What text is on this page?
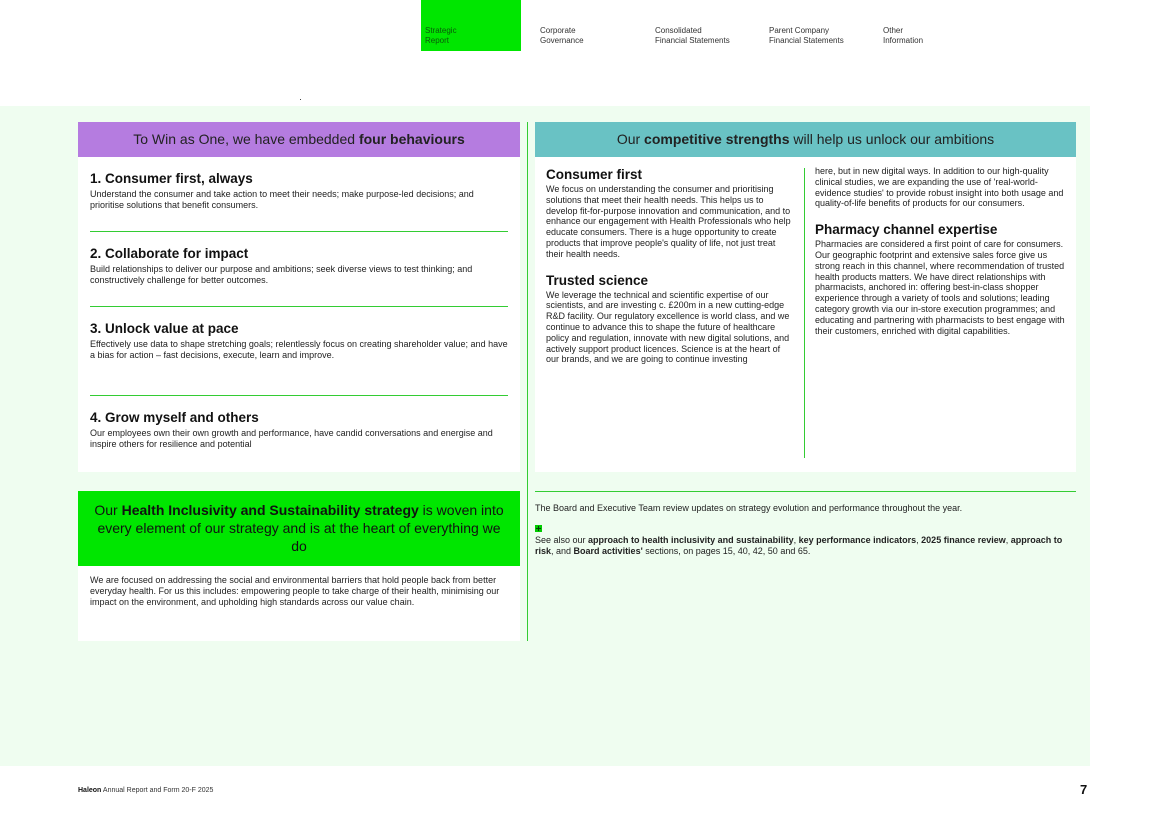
Strategic
Report
Corporate
Governance
Consolidated
Financial Statements
Parent Company
Financial Statements
Other
Information
To Win as One, we have embedded four behaviours
1. Consumer first, always

Understand the consumer and take action to meet their needs; make purpose-led decisions; and prioritise solutions that benefit consumers.

2. Collaborate for impact

Build relationships to deliver our purpose and ambitions; seek diverse views to test thinking; and constructively challenge for better outcomes.

3. Unlock value at pace

Effectively use data to shape stretching goals; relentlessly focus on creating shareholder value; and have a bias for action – fast decisions, execute, learn and improve.

4. Grow myself and others

Our employees own their own growth and performance, have candid conversations and energise and inspire others for resilience and potential

Our competitive strengths will help us unlock our ambitions
Consumer first

We focus on understanding the consumer and prioritising solutions that meet their health needs. This helps us to develop fit-for-purpose innovation and communication, and to enhance our engagement with Health Professionals who help educate consumers. There is a huge opportunity to create products that improve people's quality of life, not just treat their health needs.

Trusted science

We leverage the technical and scientific expertise of our scientists, and are investing c. £200m in a new cutting-edge R&D facility. Our regulatory excellence is world class, and we continue to advance this to shape the future of healthcare policy and regulation, innovate with new digital solutions, and actively support product licences. Science is at the heart of our brands, and we are going to continue investing

here, but in new digital ways. In addition to our high-quality clinical studies, we are expanding the use of 'real-world-evidence studies' to provide robust insight into both usage and quality-of-life benefits of products for our consumers.

Pharmacy channel expertise

Pharmacies are considered a first point of care for consumers. Our geographic footprint and extensive sales force give us strong reach in this channel, where recommendation of trusted health products matters. We have direct relationships with pharmacists, anchored in: offering best-in-class shopper experience through a variety of tools and solutions; leading category growth via our in-store execution programmes; and educating and partnering with pharmacists to best engage with their customers, enriched with digital capabilities.

Our Health Inclusivity and Sustainability strategy is woven into every element of our strategy and is at the heart of everything we do
We are focused on addressing the social and environmental barriers that hold people back from better everyday health. For us this includes: empowering people to take charge of their health, minimising our impact on the environment, and upholding high standards across our value chain.

The Board and Executive Team review updates on strategy evolution and performance throughout the year.

See also our approach to health inclusivity and sustainability, key performance indicators, 2025 finance review, approach to risk, and Board activities' sections, on pages 15, 40, 42, 50 and 65.

Haleon Annual Report and Form 20-F 2025	7
